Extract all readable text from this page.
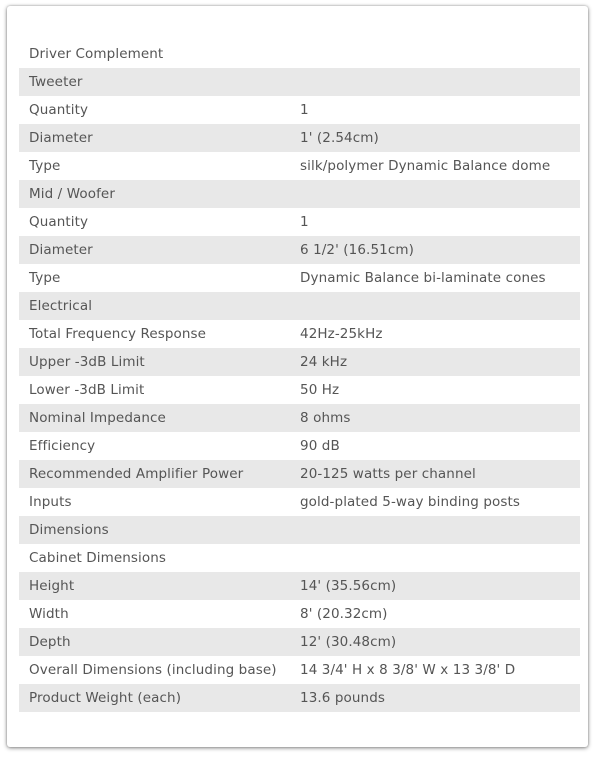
Driver Complement
Tweeter
Quantity	1
Diameter	1' (2.54cm)
Type	silk/polymer Dynamic Balance dome
Mid / Woofer
Quantity	1
Diameter	6 1/2' (16.51cm)
Type	Dynamic Balance bi-laminate cones
Electrical
Total Frequency Response	42Hz-25kHz
Upper -3dB Limit	24 kHz
Lower -3dB Limit	50 Hz
Nominal Impedance	8 ohms
Efficiency	90 dB
Recommended Amplifier Power	20-125 watts per channel
Inputs	gold-plated 5-way binding posts
Dimensions
Cabinet Dimensions
Height	14' (35.56cm)
Width	8' (20.32cm)
Depth	12' (30.48cm)
Overall Dimensions (including base)	14 3/4' H x 8 3/8' W x 13 3/8' D
Product Weight (each)	13.6 pounds
